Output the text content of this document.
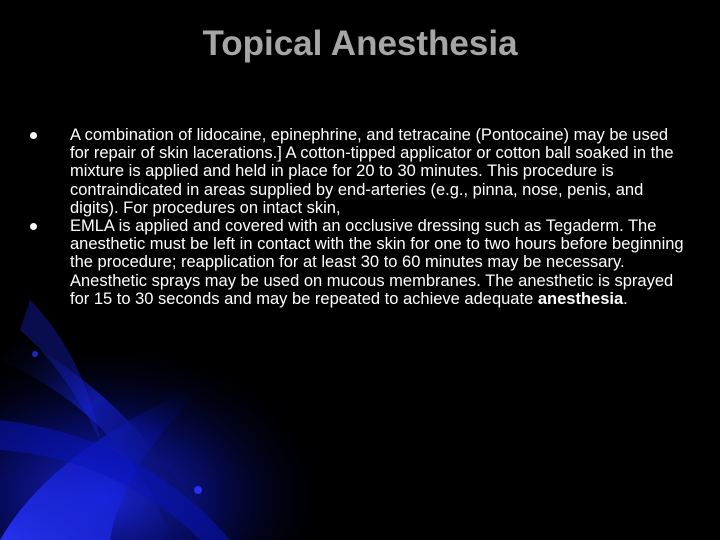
Topical Anesthesia
A combination of lidocaine, epinephrine, and tetracaine (Pontocaine) may be used for repair of skin lacerations.] A cotton-tipped applicator or cotton ball soaked in the mixture is applied and held in place for 20 to 30 minutes. This procedure is contraindicated in areas supplied by end-arteries (e.g., pinna, nose, penis, and digits). For procedures on intact skin,
EMLA is applied and covered with an occlusive dressing such as Tegaderm. The anesthetic must be left in contact with the skin for one to two hours before beginning the procedure; reapplication for at least 30 to 60 minutes may be necessary. Anesthetic sprays may be used on mucous membranes. The anesthetic is sprayed for 15 to 30 seconds and may be repeated to achieve adequate anesthesia.
